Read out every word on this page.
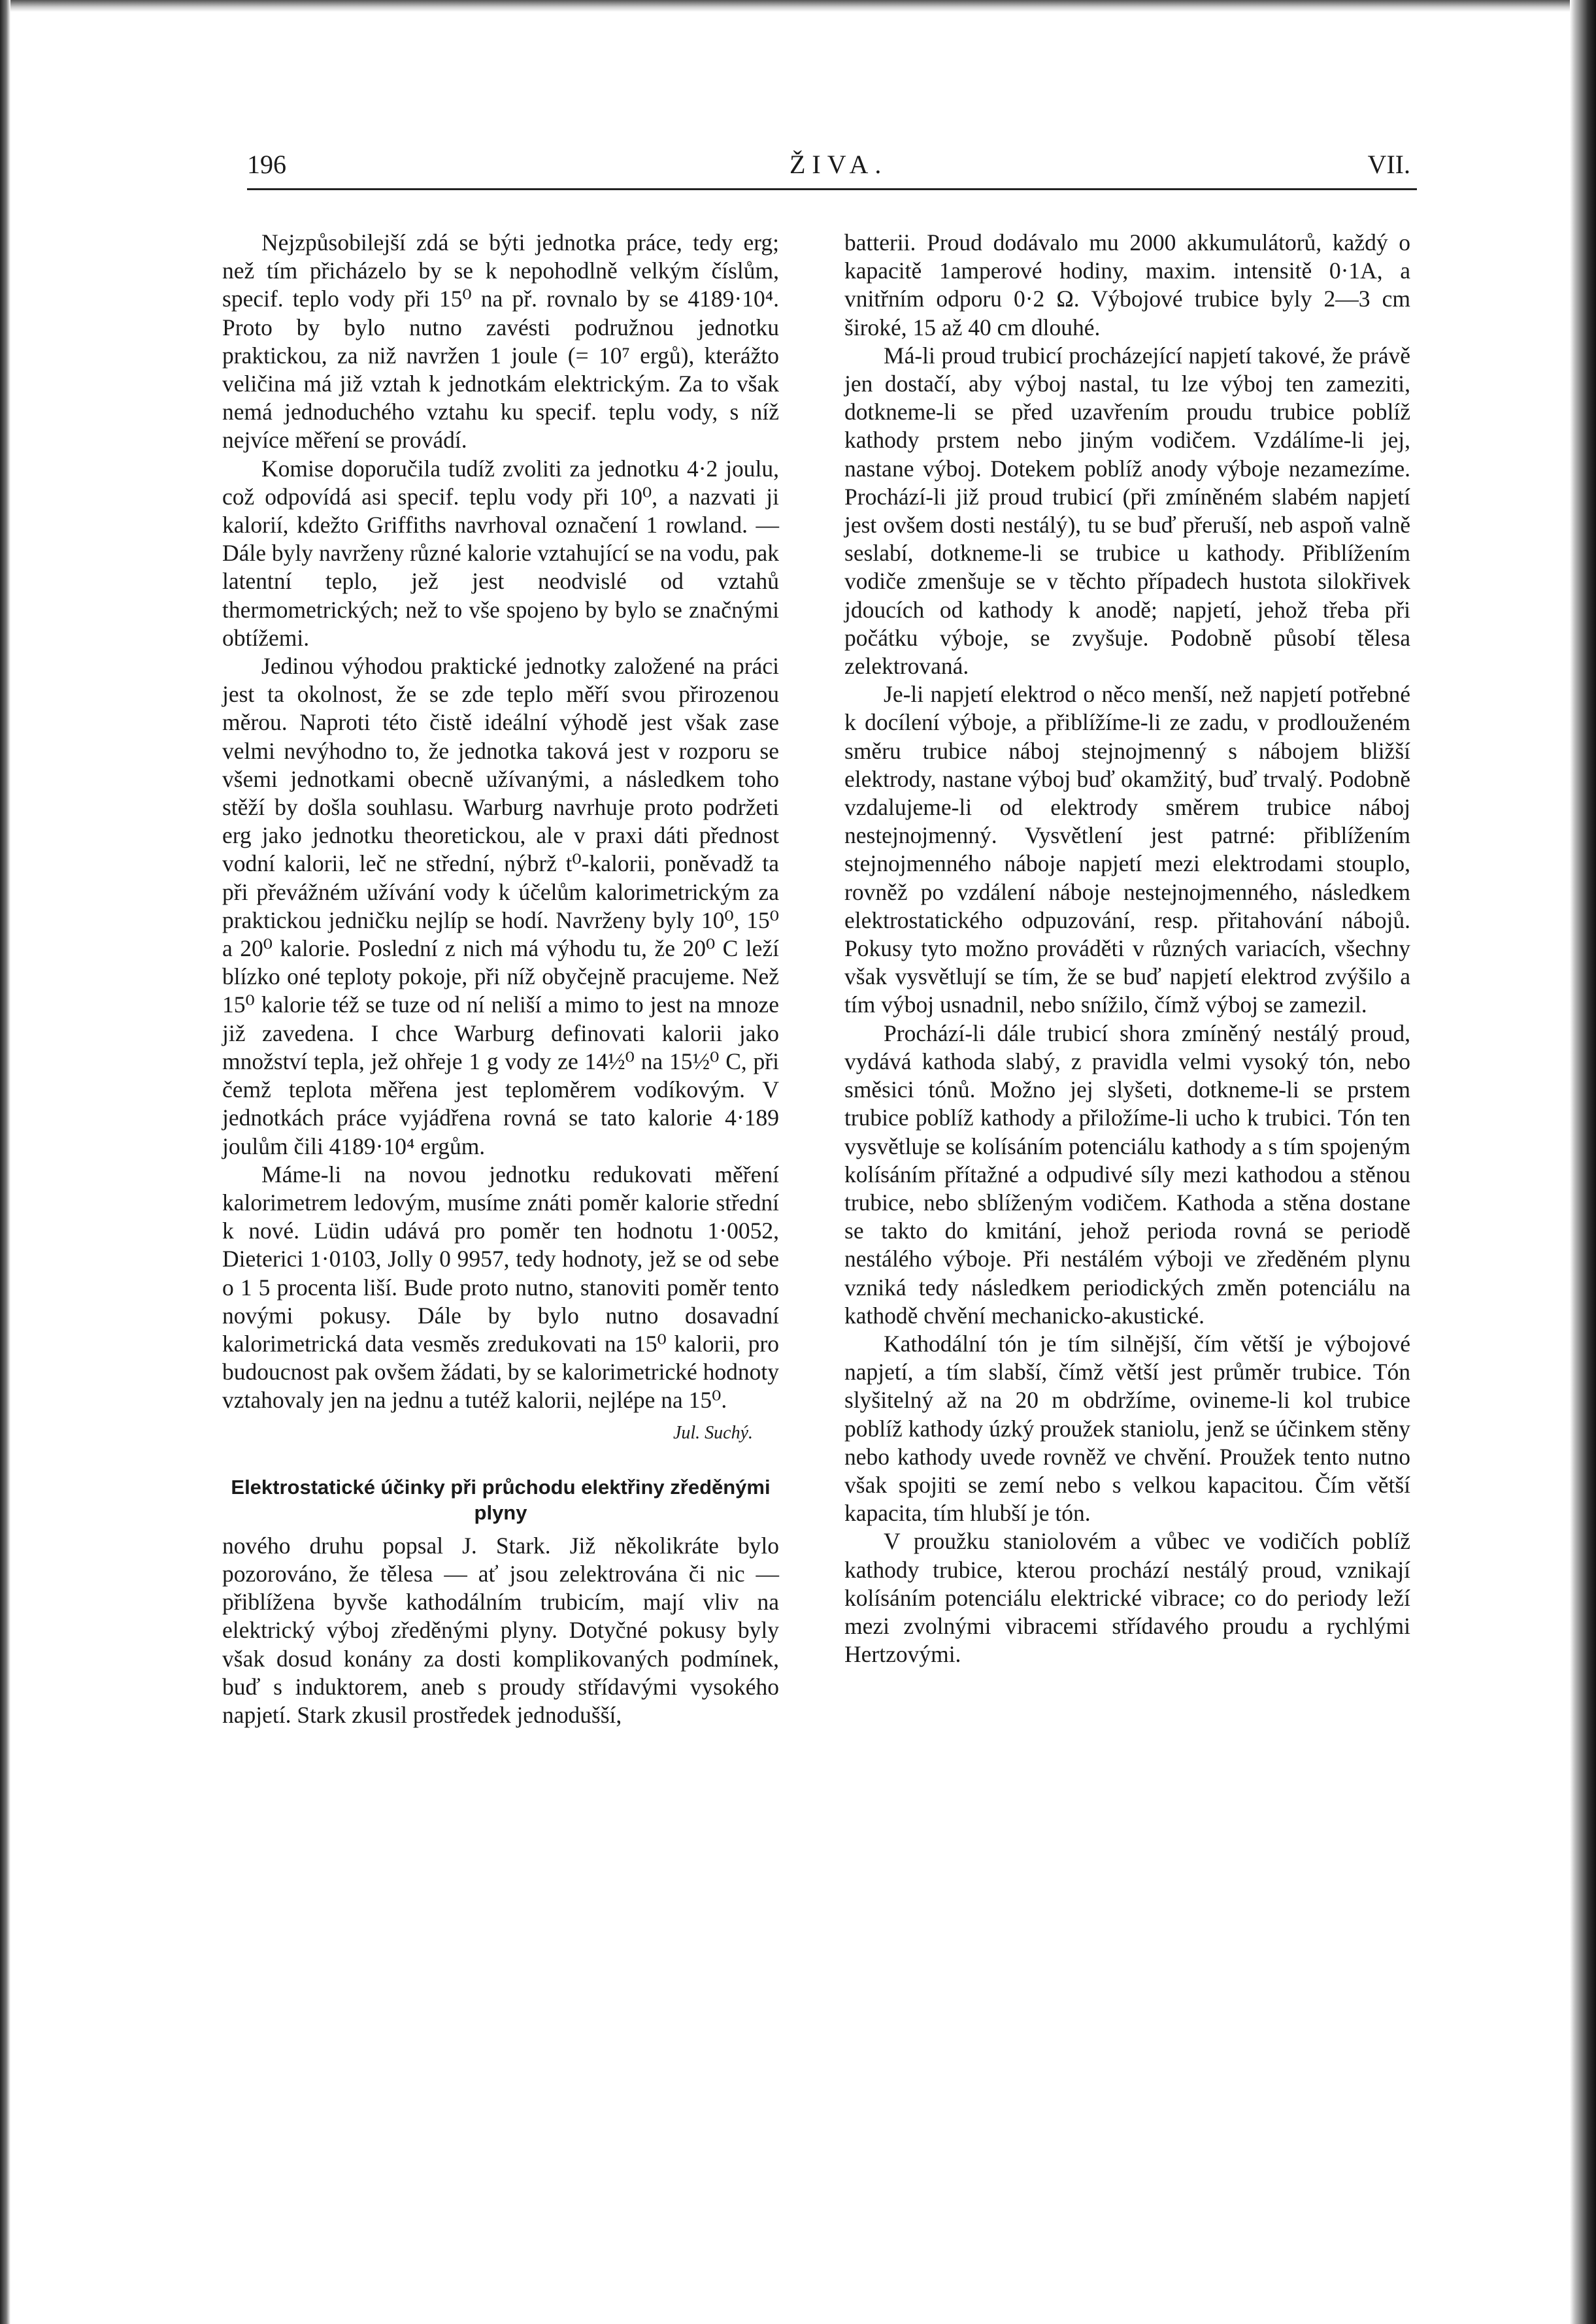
196	ŽIVA.	VII.

Nejzpůsobilejší zdá se býti jednotka práce, tedy erg; než tím přicházelo by se k nepohodlně velkým číslům, specif. teplo vody při 15⁰ na př. rovnalo by se 4189·10⁴. Proto by bylo nutno zavésti podružnou jednotku praktickou, za niž navržen 1 joule (= 10⁷ ergů), kterážto veličina má již vztah k jednotkám elektrickým. Za to však nemá jednoduchého vztahu ku specif. teplu vody, s níž nejvíce měření se provádí.

Komise doporučila tudíž zvoliti za jednotku 4·2 joulu, což odpovídá asi specif. teplu vody při 10⁰, a nazvati ji kalorií, kdežto Griffiths navrhoval označení 1 rowland. — Dále byly navrženy různé kalorie vztahující se na vodu, pak latentní teplo, jež jest neodvislé od vztahů thermometrických; než to vše spojeno by bylo se značnými obtížemi.

Jedinou výhodou praktické jednotky založené na práci jest ta okolnost, že se zde teplo měří svou přirozenou měrou. Naproti této čistě ideální výhodě jest však zase velmi nevýhodno to, že jednotka taková jest v rozporu se všemi jednotkami obecně užívanými, a následkem toho stěží by došla souhlasu. Warburg navrhuje proto podržeti erg jako jednotku theoretickou, ale v praxi dáti přednost vodní kalorii, leč ne střední, nýbrž t⁰-kalorii, poněvadž ta při převážném užívání vody k účelům kalorimetrickým za praktickou jedničku nejlíp se hodí. Navrženy byly 10⁰, 15⁰ a 20⁰ kalorie. Poslední z nich má výhodu tu, že 20⁰ C leží blízko oné teploty pokoje, při níž obyčejně pracujeme. Než 15⁰ kalorie též se tuze od ní neliší a mimo to jest na mnoze již zavedena. I chce Warburg definovati kalorii jako množství tepla, jež ohřeje 1 g vody ze 14½⁰ na 15½⁰ C, při čemž teplota měřena jest teploměrem vodíkovým. V jednotkách práce vyjádřena rovná se tato kalorie 4·189 joulům čili 4189·10⁴ ergům.

Máme-li na novou jednotku redukovati měření kalorimetrem ledovým, musíme znáti poměr kalorie střední k nové. Lüdin udává pro poměr ten hodnotu 1·0052, Dieterici 1·0103, Jolly 0 9957, tedy hodnoty, jež se od sebe o 1 5 procenta liší. Bude proto nutno, stanoviti poměr tento novými pokusy. Dále by bylo nutno dosavadní kalorimetrická data vesměs zredukovati na 15⁰ kalorii, pro budoucnost pak ovšem žádati, by se kalorimetrické hodnoty vztahovaly jen na jednu a tutéž kalorii, nejlépe na 15⁰.

Jul. Suchý.
Elektrostatické účinky při průchodu elektřiny zředěnými plyny

nového druhu popsal J. Stark. Již několikráte bylo pozorováno, že tělesa — ať jsou zelektrována či nic — přiblížena byvše kathodálním trubicím, mají vliv na elektrický výboj zředěnými plyny. Dotyčné pokusy byly však dosud konány za dosti komplikovaných podmínek, buď s induktorem, aneb s proudy střídavými vysokého napjetí. Stark zkusil prostředek jednodušší,

batterii. Proud dodávalo mu 2000 akkumulátorů, každý o kapacitě 1amperové hodiny, maxim. intensitě 0·1A, a vnitřním odporu 0·2 Ω. Výbojové trubice byly 2—3 cm široké, 15 až 40 cm dlouhé.

Má-li proud trubicí procházející napjetí takové, že právě jen dostačí, aby výboj nastal, tu lze výboj ten zameziti, dotkneme-li se před uzavřením proudu trubice poblíž kathody prstem nebo jiným vodičem. Vzdálíme-li jej, nastane výboj. Dotekem poblíž anody výboje nezamezíme. Prochází-li již proud trubicí (při zmíněném slabém napjetí jest ovšem dosti nestálý), tu se buď přeruší, neb aspoň valně seslabí, dotkneme-li se trubice u kathody. Přiblížením vodiče zmenšuje se v těchto případech hustota silokřivek jdoucích od kathody k anodě; napjetí, jehož třeba při počátku výboje, se zvyšuje. Podobně působí tělesa zelektrovaná.

Je-li napjetí elektrod o něco menší, než napjetí potřebné k docílení výboje, a přiblížíme-li ze zadu, v prodlouženém směru trubice náboj stejnojmenný s nábojem bližší elektrody, nastane výboj buď okamžitý, buď trvalý. Podobně vzdalujeme-li od elektrody směrem trubice náboj nestejnojmenný. Vysvětlení jest patrné: přiblížením stejnojmenného náboje napjetí mezi elektrodami stouplo, rovněž po vzdálení náboje nestejnojmenného, následkem elektrostatického odpuzování, resp. přitahování nábojů. Pokusy tyto možno prováděti v různých variacích, všechny však vysvětlují se tím, že se buď napjetí elektrod zvýšilo a tím výboj usnadnil, nebo snížilo, čímž výboj se zamezil.

Prochází-li dále trubicí shora zmíněný nestálý proud, vydává kathoda slabý, z pravidla velmi vysoký tón, nebo směsici tónů. Možno jej slyšeti, dotkneme-li se prstem trubice poblíž kathody a přiložíme-li ucho k trubici. Tón ten vysvětluje se kolísáním potenciálu kathody a s tím spojeným kolísáním přítažné a odpudivé síly mezi kathodou a stěnou trubice, nebo sblíženým vodičem. Kathoda a stěna dostane se takto do kmitání, jehož perioda rovná se periodě nestálého výboje. Při nestálém výboji ve zředěném plynu vzniká tedy následkem periodických změn potenciálu na kathodě chvění mechanicko-akustické.

Kathodální tón je tím silnější, čím větší je výbojové napjetí, a tím slabší, čímž větší jest průměr trubice. Tón slyšitelný až na 20 m obdržíme, ovineme-li kol trubice poblíž kathody úzký proužek staniolu, jenž se účinkem stěny nebo kathody uvede rovněž ve chvění. Proužek tento nutno však spojiti se zemí nebo s velkou kapacitou. Čím větší kapacita, tím hlubší je tón.

V proužku staniolovém a vůbec ve vodičích poblíž kathody trubice, kterou prochází nestálý proud, vznikají kolísáním potenciálu elektrické vibrace; co do periody leží mezi zvolnými vibracemi střídavého proudu a rychlými Hertzovými.
